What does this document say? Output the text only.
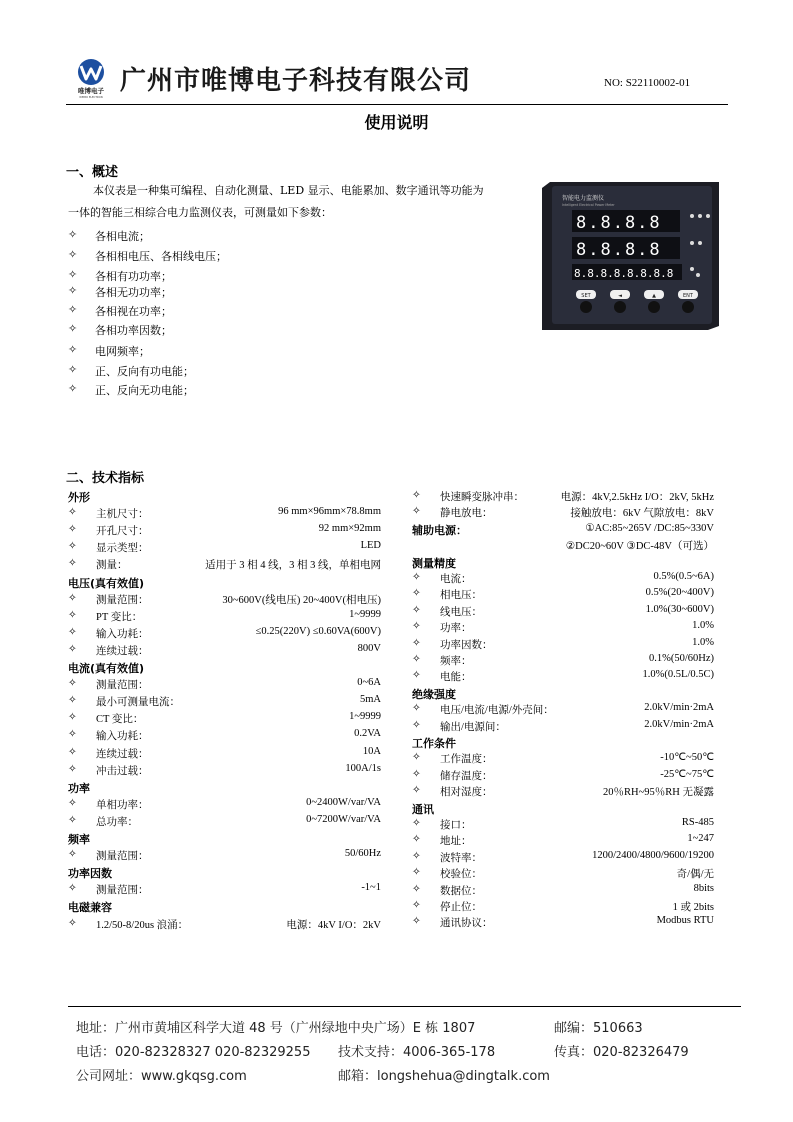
唯博电子
WEIBO ELECTRON
广州市唯博电子科技有限公司	NO: S22110002-01
使用说明
一、概述
本仪表是一种集可编程、自动化测量、LED 显示、电能累加、数字通讯等功能为
一体的智能三相综合电力监测仪表，可测量如下参数：
✧ 各相电流；
✧ 各相相电压、各相线电压；
✧ 各相有功功率；
✧ 各相无功功率；
✧ 各相视在功率；
✧ 各相功率因数；
✧ 电网频率；
✧ 正、反向有功电能；
✧ 正、反向无功电能；
智能电力监测仪
Intelligent Electrical Power Meter
8.8.8.8
8.8.8.8
8.8.8.8.8.8.8.8
SET	◄	▲	ENT
二、技术指标
外形
✧ 主机尺寸：	96 mm×96mm×78.8mm
✧ 开孔尺寸：	92 mm×92mm
✧ 显示类型：	LED
✧ 测量：	适用于 3 相 4 线，3 相 3 线，单相电网
电压(真有效值)
✧ 测量范围：	30~600V(线电压) 20~400V(相电压)
✧ PT 变比：	1~9999
✧ 输入功耗：	≤0.25(220V) ≤0.60VA(600V)
✧ 连续过载：	800V
电流(真有效值)
✧ 测量范围：	0~6A
✧ 最小可测量电流：	5mA
✧ CT 变比：	1~9999
✧ 输入功耗：	0.2VA
✧ 连续过载：	10A
✧ 冲击过载：	100A/1s
功率
✧ 单相功率：	0~2400W/var/VA
✧ 总功率：	0~7200W/var/VA
频率
✧ 测量范围：	50/60Hz
功率因数
✧ 测量范围：	-1~1
电磁兼容
✧ 1.2/50-8/20us 浪涌：	电源：4kV I/O：2kV
✧ 快速瞬变脉冲串：	电源：4kV,2.5kHz I/O：2kV, 5kHz
✧ 静电放电：	接触放电：6kV 气隙放电：8kV
辅助电源：	①AC:85~265V /DC:85~330V
②DC20~60V ③DC-48V（可选）
测量精度
✧ 电流：	0.5%(0.5~6A)
✧ 相电压：	0.5%(20~400V)
✧ 线电压：	1.0%(30~600V)
✧ 功率：	1.0%
✧ 功率因数：	1.0%
✧ 频率：	0.1%(50/60Hz)
✧ 电能：	1.0%(0.5L/0.5C)
绝缘强度
✧ 电压/电流/电源/外壳间：	2.0kV/min·2mA
✧ 输出/电源间：	2.0kV/min·2mA
工作条件
✧ 工作温度：	-10℃~50℃
✧ 储存温度：	-25℃~75℃
✧ 相对湿度：	20％RH~95％RH 无凝露
通讯
✧ 接口：	RS-485
✧ 地址：	1~247
✧ 波特率：	1200/2400/4800/9600/19200
✧ 校验位：	奇/偶/无
✧ 数据位：	8bits
✧ 停止位：	1 或 2bits
✧ 通讯协议：	Modbus RTU
地址：广州市黄埔区科学大道 48 号（广州绿地中央广场）E 栋 1807	邮编：510663
电话：020-82328327 020-82329255 技术支持：4006-365-178	传真：020-82326479
公司网址：www.gkqsg.com	邮箱：longshehua@dingtalk.com
